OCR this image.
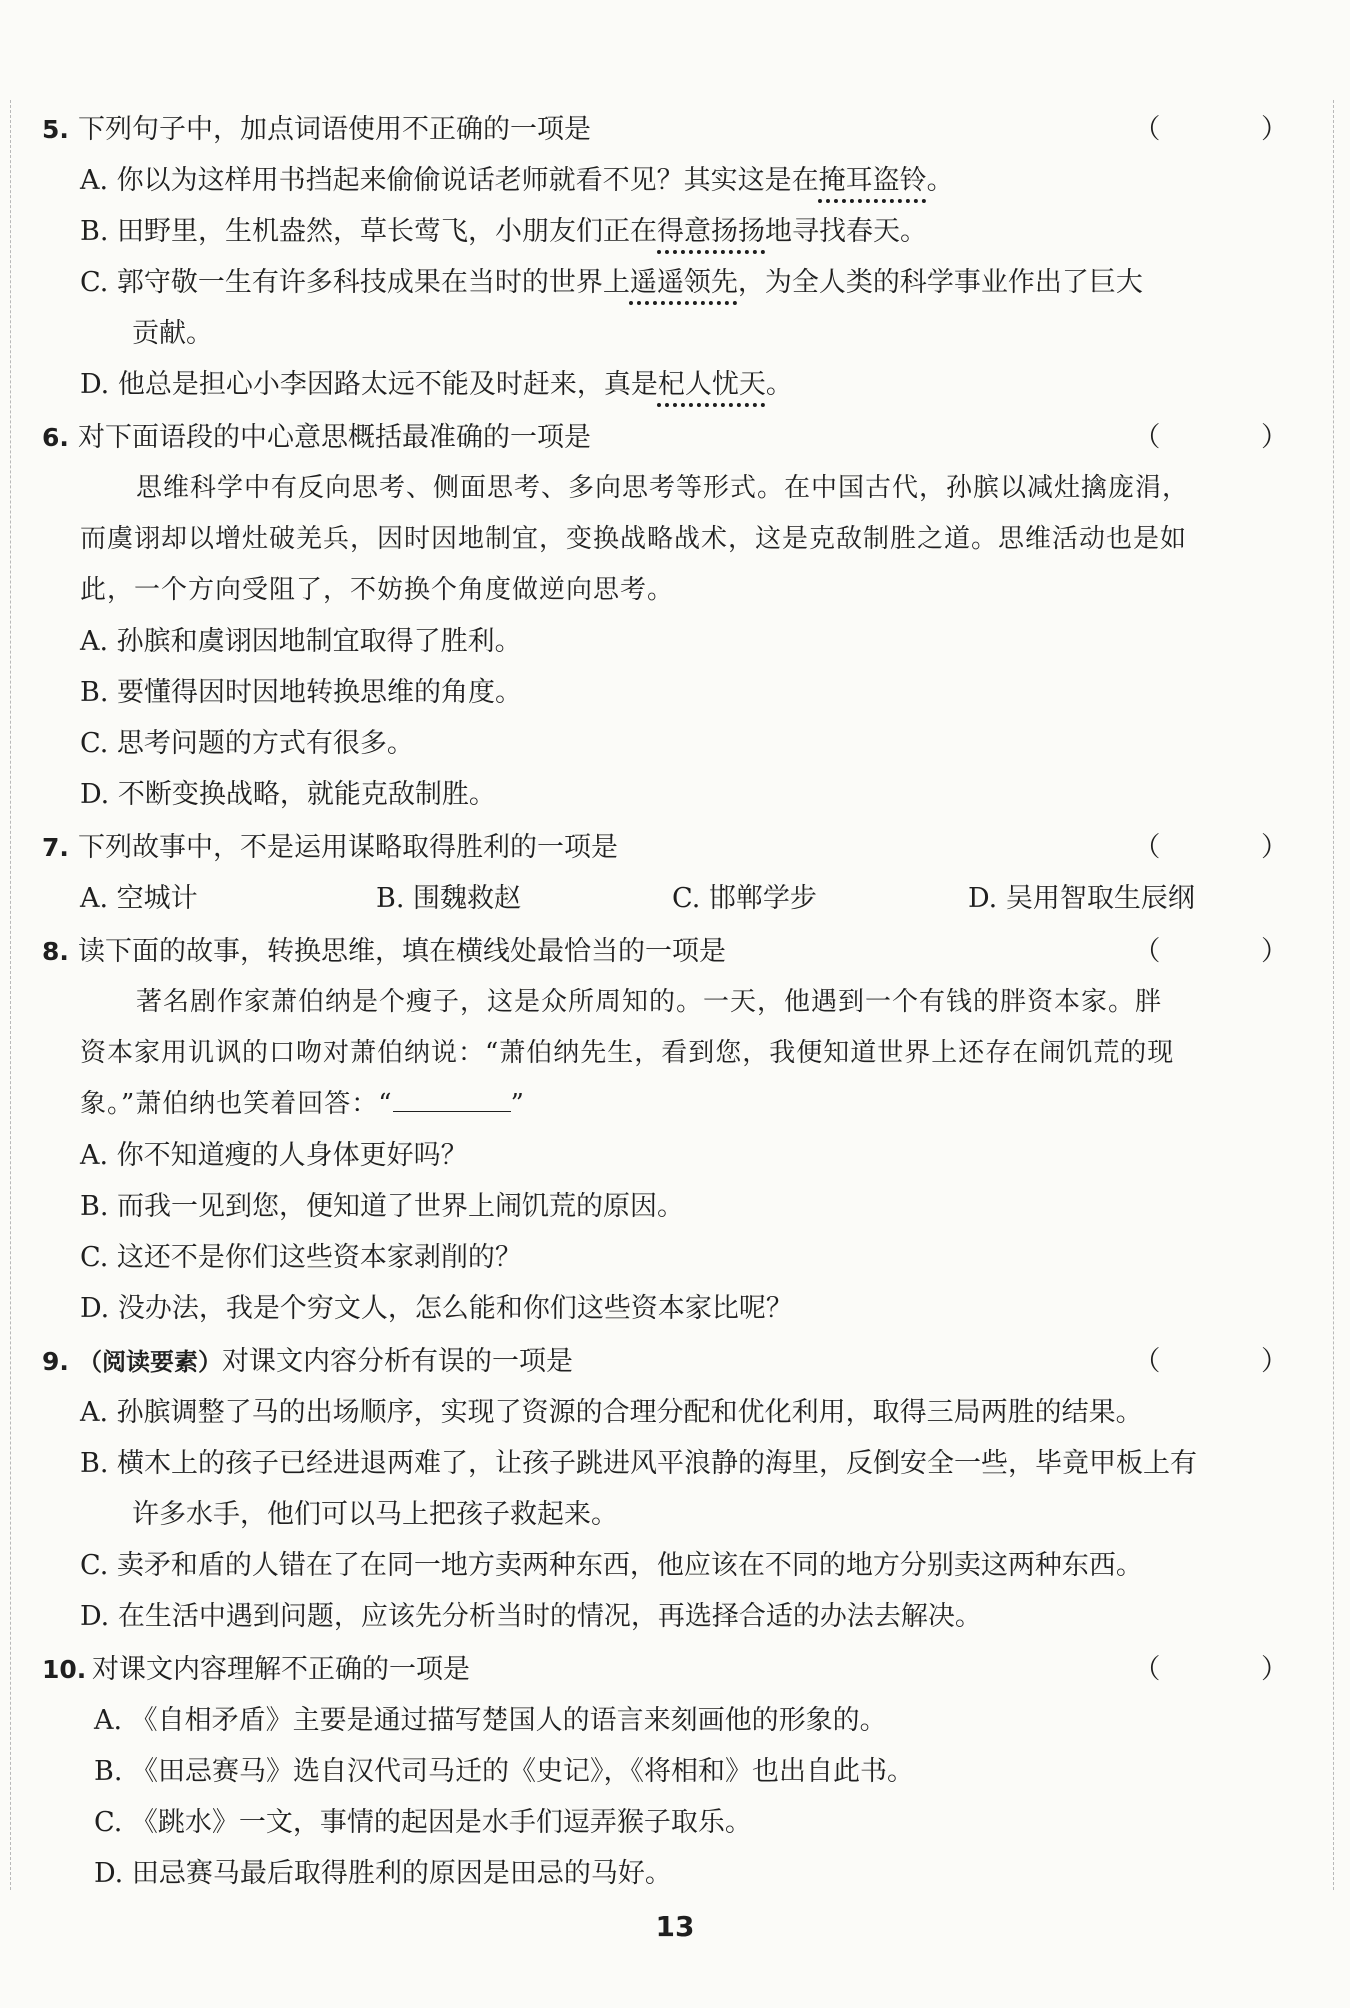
5. 下列句子中，加点词语使用不正确的一项是	（ ）
A. 你以为这样用书挡起来偷偷说话老师就看不见？其实这是在掩耳盗铃。
B. 田野里，生机盎然，草长莺飞，小朋友们正在得意扬扬地寻找春天。
C. 郭守敬一生有许多科技成果在当时的世界上遥遥领先，为全人类的科学事业作出了巨大
贡献。
D. 他总是担心小李因路太远不能及时赶来，真是杞人忧天。
6. 对下面语段的中心意思概括最准确的一项是	（ ）
思维科学中有反向思考、侧面思考、多向思考等形式。在中国古代，孙膑以减灶擒庞涓，
而虞诩却以增灶破羌兵，因时因地制宜，变换战略战术，这是克敌制胜之道。思维活动也是如
此，一个方向受阻了，不妨换个角度做逆向思考。
A. 孙膑和虞诩因地制宜取得了胜利。
B. 要懂得因时因地转换思维的角度。
C. 思考问题的方式有很多。
D. 不断变换战略，就能克敌制胜。
7. 下列故事中，不是运用谋略取得胜利的一项是	（ ）
A. 空城计	B. 围魏救赵	C. 邯郸学步	D. 吴用智取生辰纲
8. 读下面的故事，转换思维，填在横线处最恰当的一项是	（ ）
著名剧作家萧伯纳是个瘦子，这是众所周知的。一天，他遇到一个有钱的胖资本家。胖
资本家用讥讽的口吻对萧伯纳说：“萧伯纳先生，看到您，我便知道世界上还存在闹饥荒的现
象。”萧伯纳也笑着回答：“	”
A. 你不知道瘦的人身体更好吗？
B. 而我一见到您，便知道了世界上闹饥荒的原因。
C. 这还不是你们这些资本家剥削的？
D. 没办法，我是个穷文人，怎么能和你们这些资本家比呢？
9. （阅读要素） 对课文内容分析有误的一项是	（ ）
A. 孙膑调整了马的出场顺序，实现了资源的合理分配和优化利用，取得三局两胜的结果。
B. 横木上的孩子已经进退两难了，让孩子跳进风平浪静的海里，反倒安全一些，毕竟甲板上有
许多水手，他们可以马上把孩子救起来。
C. 卖矛和盾的人错在了在同一地方卖两种东西，他应该在不同的地方分别卖这两种东西。
D. 在生活中遇到问题，应该先分析当时的情况，再选择合适的办法去解决。
10. 对课文内容理解不正确的一项是	（ ）
A. 《自相矛盾》主要是通过描写楚国人的语言来刻画他的形象的。
B. 《田忌赛马》选自汉代司马迁的《史记》，《将相和》也出自此书。
C. 《跳水》一文，事情的起因是水手们逗弄猴子取乐。
D. 田忌赛马最后取得胜利的原因是田忌的马好。
13
